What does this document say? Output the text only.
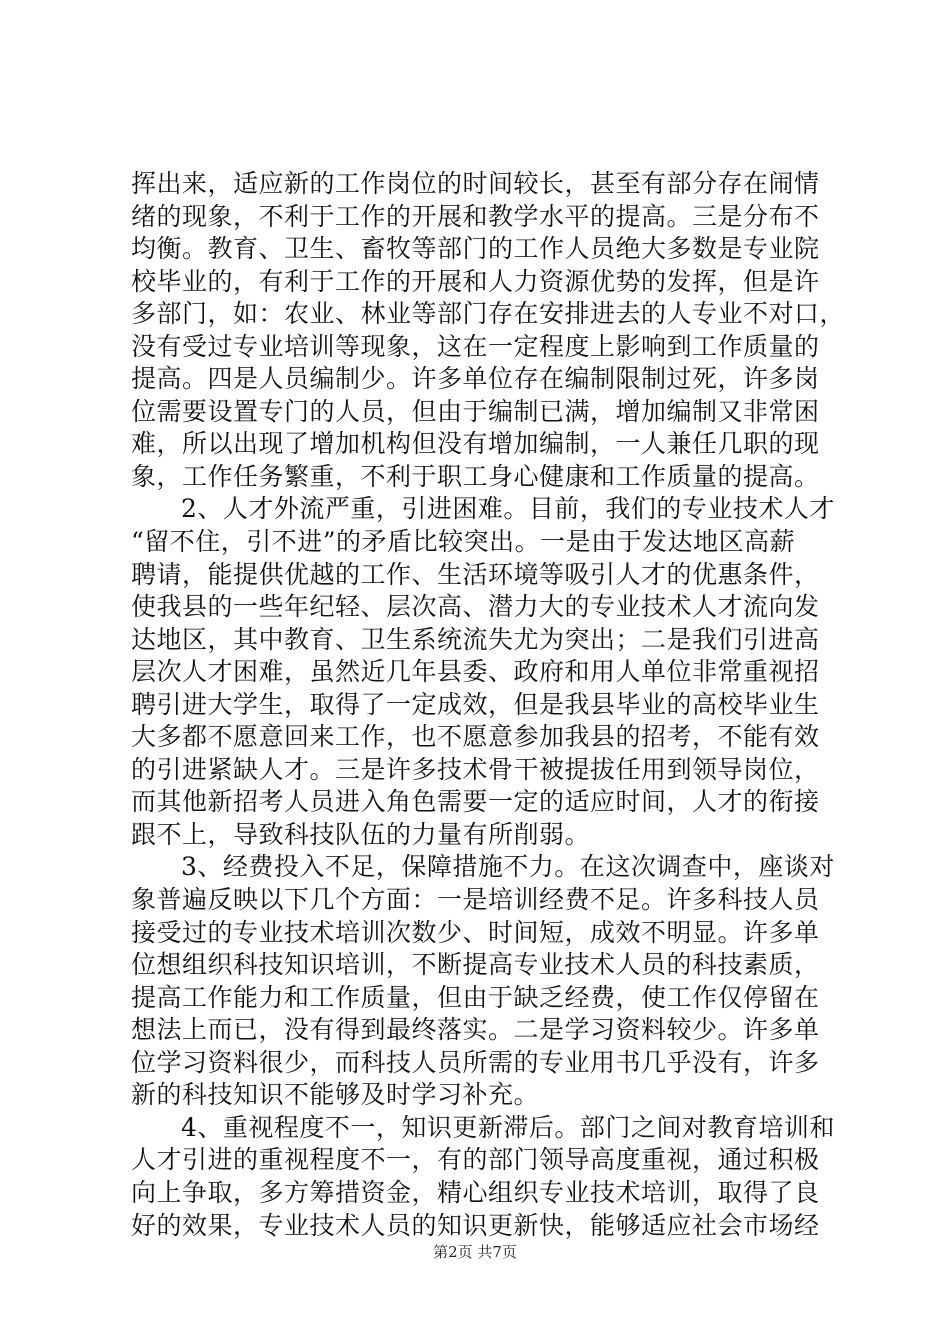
挥出来，适应新的工作岗位的时间较长，甚至有部分存在闹情
绪的现象，不利于工作的开展和教学水平的提高。三是分布不
均衡。教育、卫生、畜牧等部门的工作人员绝大多数是专业院
校毕业的，有利于工作的开展和人力资源优势的发挥，但是许
多部门，如：农业、林业等部门存在安排进去的人专业不对口，
没有受过专业培训等现象，这在一定程度上影响到工作质量的
提高。四是人员编制少。许多单位存在编制限制过死，许多岗
位需要设置专门的人员，但由于编制已满，增加编制又非常困
难，所以出现了增加机构但没有增加编制，一人兼任几职的现
象，工作任务繁重，不利于职工身心健康和工作质量的提高。
2、人才外流严重，引进困难。目前，我们的专业技术人才
“留不住，引不进”的矛盾比较突出。一是由于发达地区高薪
聘请，能提供优越的工作、生活环境等吸引人才的优惠条件，
使我县的一些年纪轻、层次高、潜力大的专业技术人才流向发
达地区，其中教育、卫生系统流失尤为突出；二是我们引进高
层次人才困难，虽然近几年县委、政府和用人单位非常重视招
聘引进大学生，取得了一定成效，但是我县毕业的高校毕业生
大多都不愿意回来工作，也不愿意参加我县的招考，不能有效
的引进紧缺人才。三是许多技术骨干被提拔任用到领导岗位，
而其他新招考人员进入角色需要一定的适应时间，人才的衔接
跟不上，导致科技队伍的力量有所削弱。
3、经费投入不足，保障措施不力。在这次调查中，座谈对
象普遍反映以下几个方面：一是培训经费不足。许多科技人员
接受过的专业技术培训次数少、时间短，成效不明显。许多单
位想组织科技知识培训，不断提高专业技术人员的科技素质，
提高工作能力和工作质量，但由于缺乏经费，使工作仅停留在
想法上而已，没有得到最终落实。二是学习资料较少。许多单
位学习资料很少，而科技人员所需的专业用书几乎没有，许多
新的科技知识不能够及时学习补充。
4、重视程度不一，知识更新滞后。部门之间对教育培训和
人才引进的重视程度不一，有的部门领导高度重视，通过积极
向上争取，多方筹措资金，精心组织专业技术培训，取得了良
好的效果，专业技术人员的知识更新快，能够适应社会市场经
第2页 共7页
